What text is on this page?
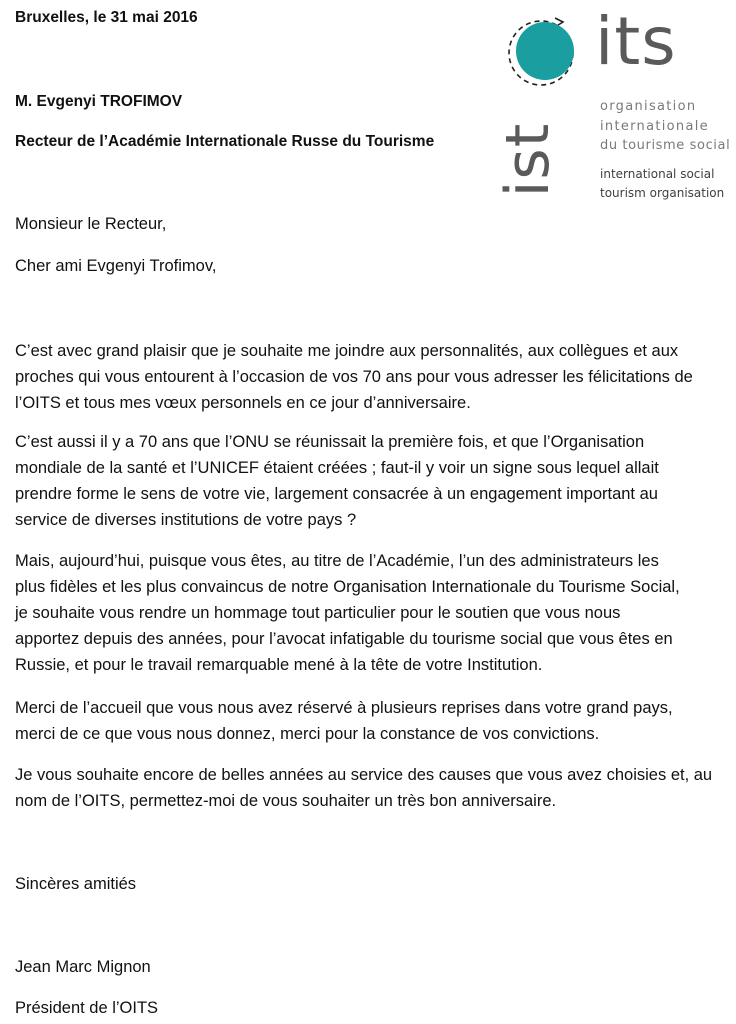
Bruxelles, le 31 mai 2016
M. Evgenyi TROFIMOV
Recteur de l’Académie Internationale Russe du Tourisme ist
its
organisation
internationale
du tourisme social
international social
tourism organisation
Monsieur le Recteur,
Cher ami Evgenyi Trofimov,
C’est avec grand plaisir que je souhaite me joindre aux personnalités, aux collègues et aux
proches qui vous entourent à l’occasion de vos 70 ans pour vous adresser les félicitations de
l’OITS et tous mes vœux personnels en ce jour d’anniversaire.
C’est aussi il y a 70 ans que l’ONU se réunissait la première fois, et que l’Organisation
mondiale de la santé et l’UNICEF étaient créées ; faut-il y voir un signe sous lequel allait
prendre forme le sens de votre vie, largement consacrée à un engagement important au
service de diverses institutions de votre pays ?
Mais, aujourd’hui, puisque vous êtes, au titre de l’Académie, l’un des administrateurs les
plus fidèles et les plus convaincus de notre Organisation Internationale du Tourisme Social,
je souhaite vous rendre un hommage tout particulier pour le soutien que vous nous
apportez depuis des années, pour l’avocat infatigable du tourisme social que vous êtes en
Russie, et pour le travail remarquable mené à la tête de votre Institution.
Merci de l’accueil que vous nous avez réservé à plusieurs reprises dans votre grand pays,
merci de ce que vous nous donnez, merci pour la constance de vos convictions.
Je vous souhaite encore de belles années au service des causes que vous avez choisies et, au
nom de l’OITS, permettez-moi de vous souhaiter un très bon anniversaire.
Sincères amitiés
Jean Marc Mignon
Président de l’OITS
